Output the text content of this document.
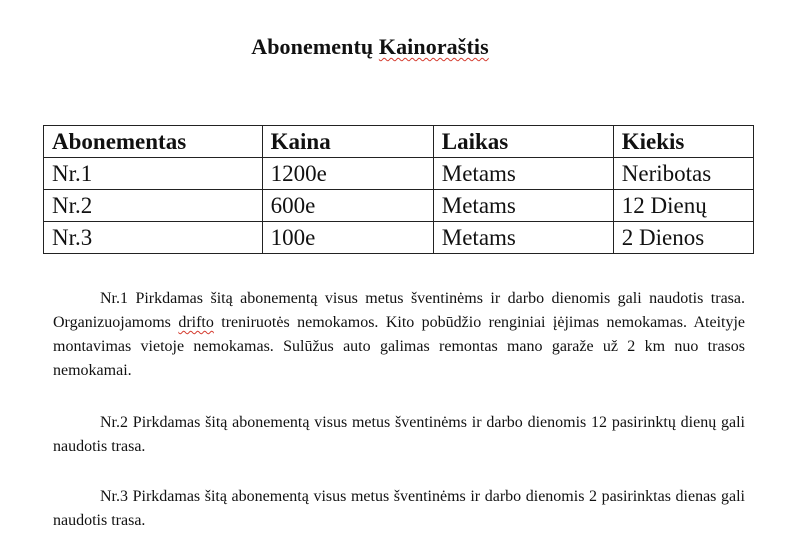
Abonementų Kainoraštis
Abonementas	Kaina	Laikas	Kiekis
Nr.1	1200e	Metams	Neribotas
Nr.2	600e	Metams	12 Dienų
Nr.3	100e	Metams	2 Dienos

Nr.1 Pirkdamas šitą abonementą visus metus šventinėms ir darbo dienomis gali naudotis trasa. Organizuojamoms drifto treniruotės nemokamos. Kito pobūdžio renginiai įėjimas nemokamas. Ateityje montavimas vietoje nemokamas. Sulūžus auto galimas remontas mano garaže už 2 km nuo trasos nemokamai.

Nr.2 Pirkdamas šitą abonementą visus metus šventinėms ir darbo dienomis 12 pasirinktų dienų gali naudotis trasa.

Nr.3 Pirkdamas šitą abonementą visus metus šventinėms ir darbo dienomis 2 pasirinktas dienas gali naudotis trasa.
